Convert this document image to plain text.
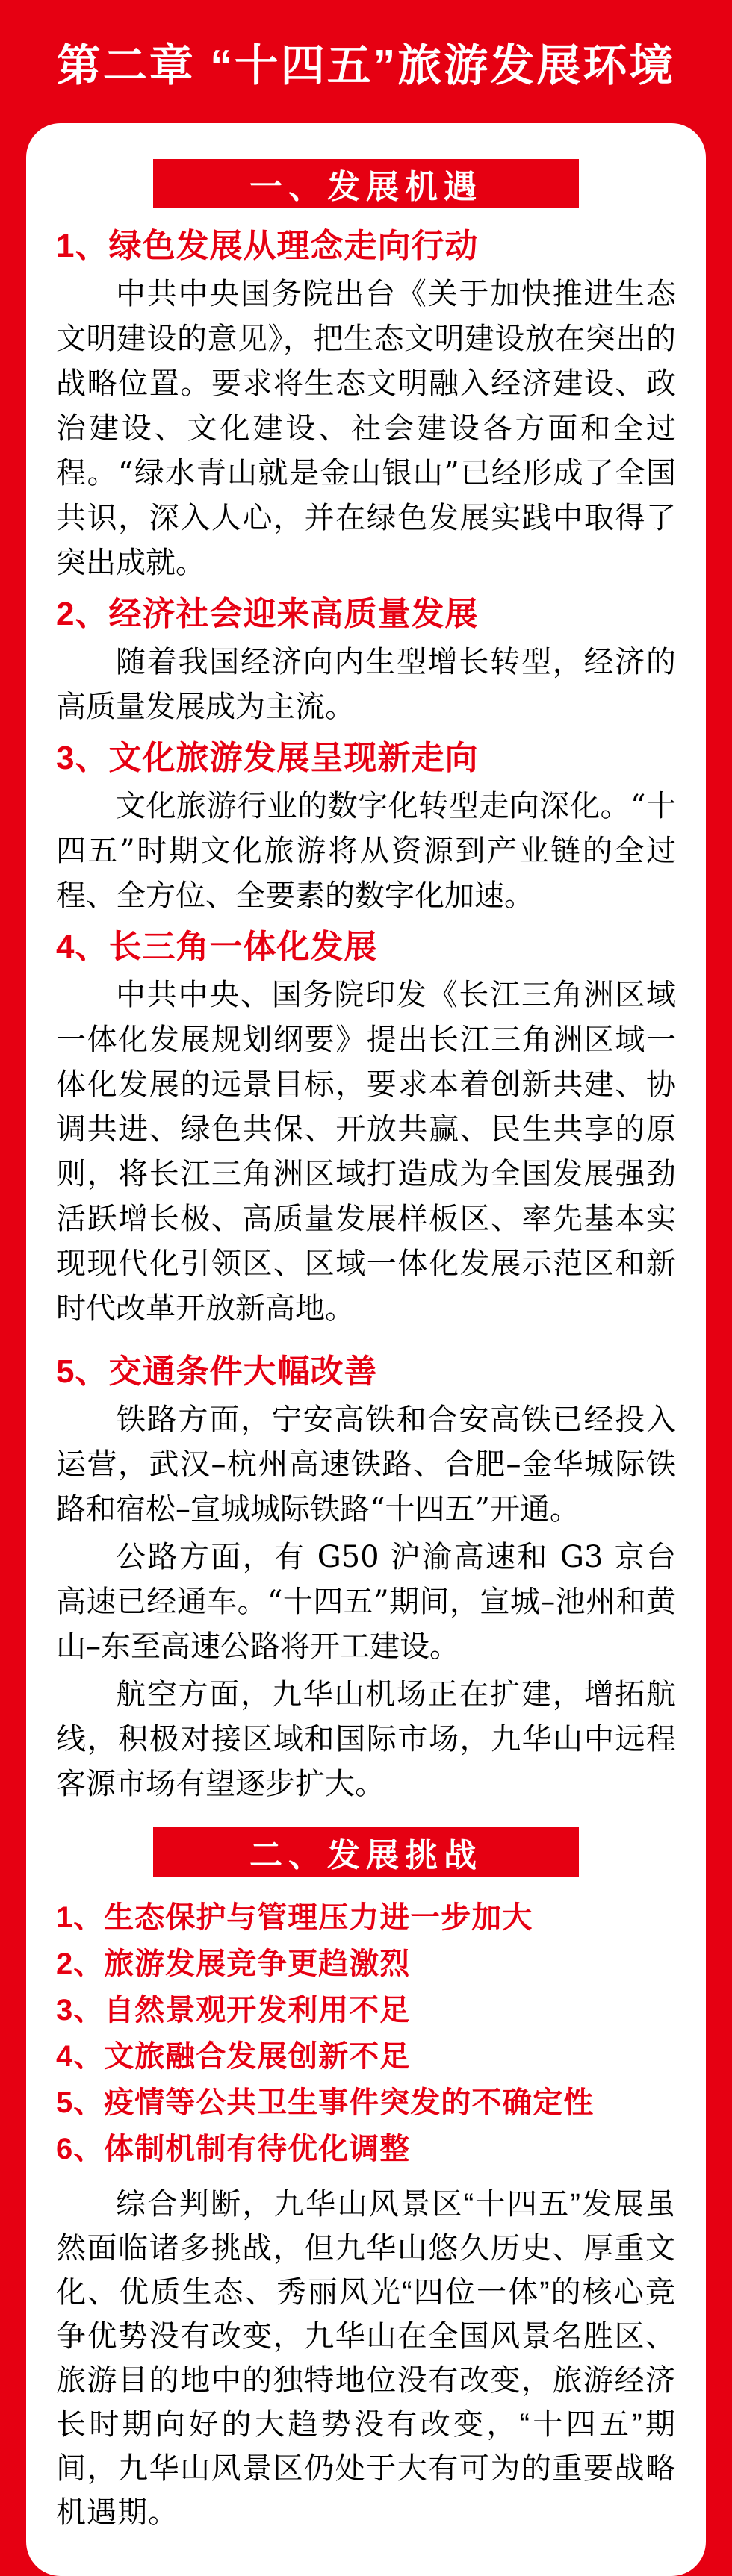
第二章 “十四五”旅游发展环境
一、发展机遇
1、绿色发展从理念走向行动

中共中央国务院出台《关于加快推进生态文明建设的意见》，把生态文明建设放在突出的战略位置。要求将生态文明融入经济建设、政治建设、文化建设、社会建设各方面和全过程。“绿水青山就是金山银山”已经形成了全国共识，深入人心，并在绿色发展实践中取得了突出成就。

2、经济社会迎来高质量发展

随着我国经济向内生型增长转型，经济的高质量发展成为主流。

3、文化旅游发展呈现新走向

文化旅游行业的数字化转型走向深化。“十四五”时期文化旅游将从资源到产业链的全过程、全方位、全要素的数字化加速。

4、长三角一体化发展

中共中央、国务院印发《长江三角洲区域一体化发展规划纲要》提出长江三角洲区域一体化发展的远景目标，要求本着创新共建、协调共进、绿色共保、开放共赢、民生共享的原则，将长江三角洲区域打造成为全国发展强劲活跃增长极、高质量发展样板区、率先基本实现现代化引领区、区域一体化发展示范区和新时代改革开放新高地。

5、交通条件大幅改善

铁路方面，宁安高铁和合安高铁已经投入运营，武汉–杭州高速铁路、合肥–金华城际铁路和宿松–宣城城际铁路“十四五”开通。

公路方面，有 G50 沪渝高速和 G3 京台高速已经通车。“十四五”期间，宣城–池州和黄山–东至高速公路将开工建设。

航空方面，九华山机场正在扩建，增拓航线，积极对接区域和国际市场，九华山中远程客源市场有望逐步扩大。

二、发展挑战
1、生态保护与管理压力进一步加大
2、旅游发展竞争更趋激烈
3、自然景观开发利用不足
4、文旅融合发展创新不足
5、疫情等公共卫生事件突发的不确定性
6、体制机制有待优化调整

综合判断，九华山风景区“十四五”发展虽然面临诸多挑战，但九华山悠久历史、厚重文化、优质生态、秀丽风光“四位一体”的核心竞争优势没有改变，九华山在全国风景名胜区、旅游目的地中的独特地位没有改变，旅游经济长时期向好的大趋势没有改变，“十四五”期间，九华山风景区仍处于大有可为的重要战略机遇期。
